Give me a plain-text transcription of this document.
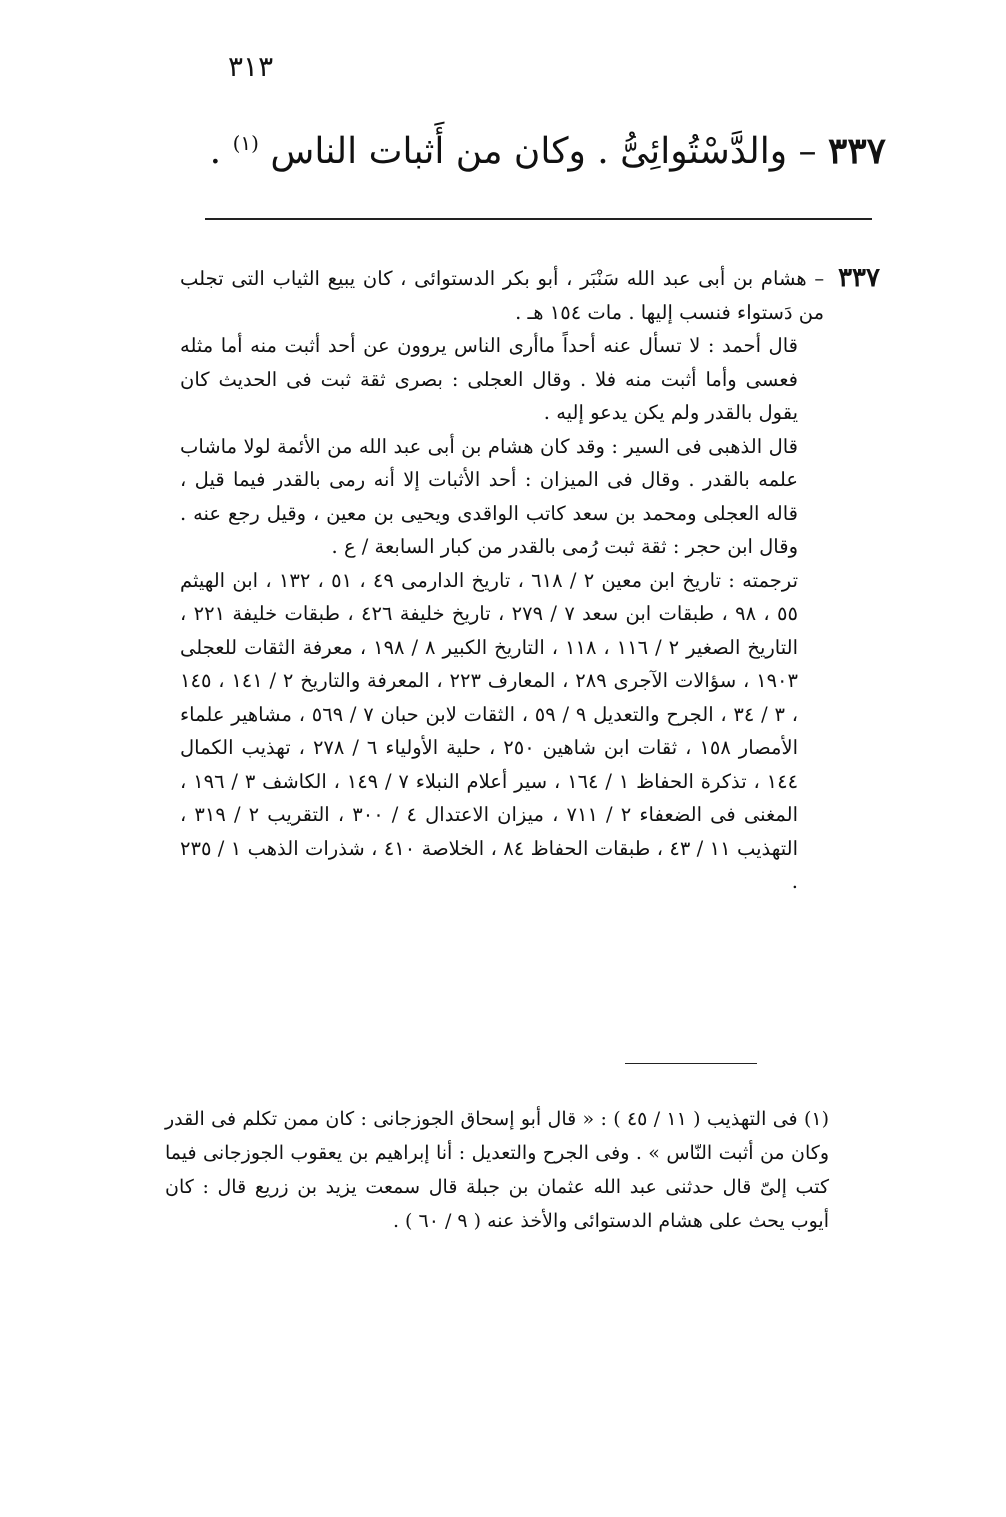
٣١٣
٣٣٧ – والدَّسْتُوائِىُّ . وكان من أَثبات الناس $^{(١)}$ .
٣٣٧

– هشام بن أبى عبد الله سَنْبَر ، أبو بكر الدستوائى ، كان يبيع الثياب التى تجلب من دَستواء فنسب إليها . مات ١٥٤ هـ .

قال أحمد : لا تسأل عنه أحداً ماأرى الناس يروون عن أحد أثبت منه أما مثله فعسى وأما أثبت منه فلا . وقال العجلى : بصرى ثقة ثبت فى الحديث كان يقول بالقدر ولم يكن يدعو إليه .

قال الذهبى فى السير : وقد كان هشام بن أبى عبد الله من الأئمة لولا ماشاب علمه بالقدر . وقال فى الميزان : أحد الأثبات إلا أنه رمى بالقدر فيما قيل ، قاله العجلى ومحمد بن سعد كاتب الواقدى ويحيى بن معين ، وقيل رجع عنه . وقال ابن حجر : ثقة ثبت رُمى بالقدر من كبار السابعة / ع .

ترجمته : تاريخ ابن معين ٢ / ٦١٨ ، تاريخ الدارمى ٤٩ ، ٥١ ، ١٣٢ ، ابن الهيثم ٥٥ ، ٩٨ ، طبقات ابن سعد ٧ / ٢٧٩ ، تاريخ خليفة ٤٢٦ ، طبقات خليفة ٢٢١ ، التاريخ الصغير ٢ / ١١٦ ، ١١٨ ، التاريخ الكبير ٨ / ١٩٨ ، معرفة الثقات للعجلى ١٩٠٣ ، سؤالات الآجرى ٢٨٩ ، المعارف ٢٢٣ ، المعرفة والتاريخ ٢ / ١٤١ ، ١٤٥ ، ٣ / ٣٤ ، الجرح والتعديل ٩ / ٥٩ ، الثقات لابن حبان ٧ / ٥٦٩ ، مشاهير علماء الأمصار ١٥٨ ، ثقات ابن شاهين ٢٥٠ ، حلية الأولياء ٦ / ٢٧٨ ، تهذيب الكمال ١٤٤ ، تذكرة الحفاظ ١ / ١٦٤ ، سير أعلام النبلاء ٧ / ١٤٩ ، الكاشف ٣ / ١٩٦ ، المغنى فى الضعفاء ٢ / ٧١١ ، ميزان الاعتدال ٤ / ٣٠٠ ، التقريب ٢ / ٣١٩ ، التهذيب ١١ / ٤٣ ، طبقات الحفاظ ٨٤ ، الخلاصة ٤١٠ ، شذرات الذهب ١ / ٢٣٥ .

(١) فى التهذيب ( ١١ / ٤٥ ) : « قال أبو إسحاق الجوزجانى : كان ممن تكلم فى القدر وكان من أثبت النّاس » . وفى الجرح والتعديل : أنا إبراهيم بن يعقوب الجوزجانى فيما كتب إلىّ قال حدثنى عبد الله عثمان بن جبلة قال سمعت يزيد بن زريع قال : كان أيوب يحث على هشام الدستوائى والأخذ عنه ( ٩ / ٦٠ ) .
